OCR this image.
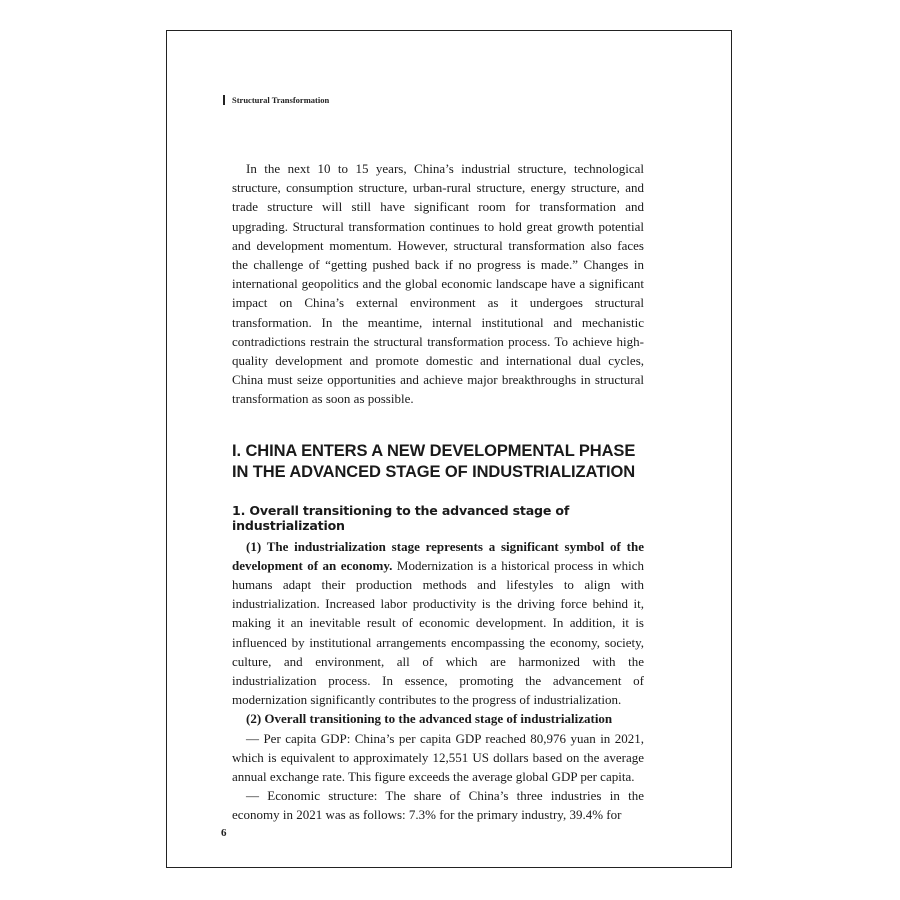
Structural Transformation

In the next 10 to 15 years, China’s industrial structure, technological structure, consumption structure, urban-rural structure, energy structure, and trade structure will still have significant room for transformation and upgrading. Structural transformation continues to hold great growth potential and development momentum. However, structural transformation also faces the challenge of “getting pushed back if no progress is made.” Changes in international geopolitics and the global economic landscape have a significant impact on China’s external environment as it undergoes structural transformation. In the meantime, internal institutional and mechanistic contradictions restrain the structural transformation process. To achieve high-quality development and promote domestic and international dual cycles, China must seize opportunities and achieve major breakthroughs in structural transformation as soon as possible.

I. CHINA ENTERS A NEW DEVELOPMENTAL PHASE IN THE ADVANCED STAGE OF INDUSTRIALIZATION
1. Overall transitioning to the advanced stage of industrialization

(1) The industrialization stage represents a significant symbol of the development of an economy. Modernization is a historical process in which humans adapt their production methods and lifestyles to align with industrialization. Increased labor productivity is the driving force behind it, making it an inevitable result of economic development. In addition, it is influenced by institutional arrangements encompassing the economy, society, culture, and environment, all of which are harmonized with the industrialization process. In essence, promoting the advancement of modernization significantly contributes to the progress of industrialization.

(2) Overall transitioning to the advanced stage of industrialization

— Per capita GDP: China’s per capita GDP reached 80,976 yuan in 2021, which is equivalent to approximately 12,551 US dollars based on the average annual exchange rate. This figure exceeds the average global GDP per capita.

— Economic structure: The share of China’s three industries in the economy in 2021 was as follows: 7.3% for the primary industry, 39.4% for

6
